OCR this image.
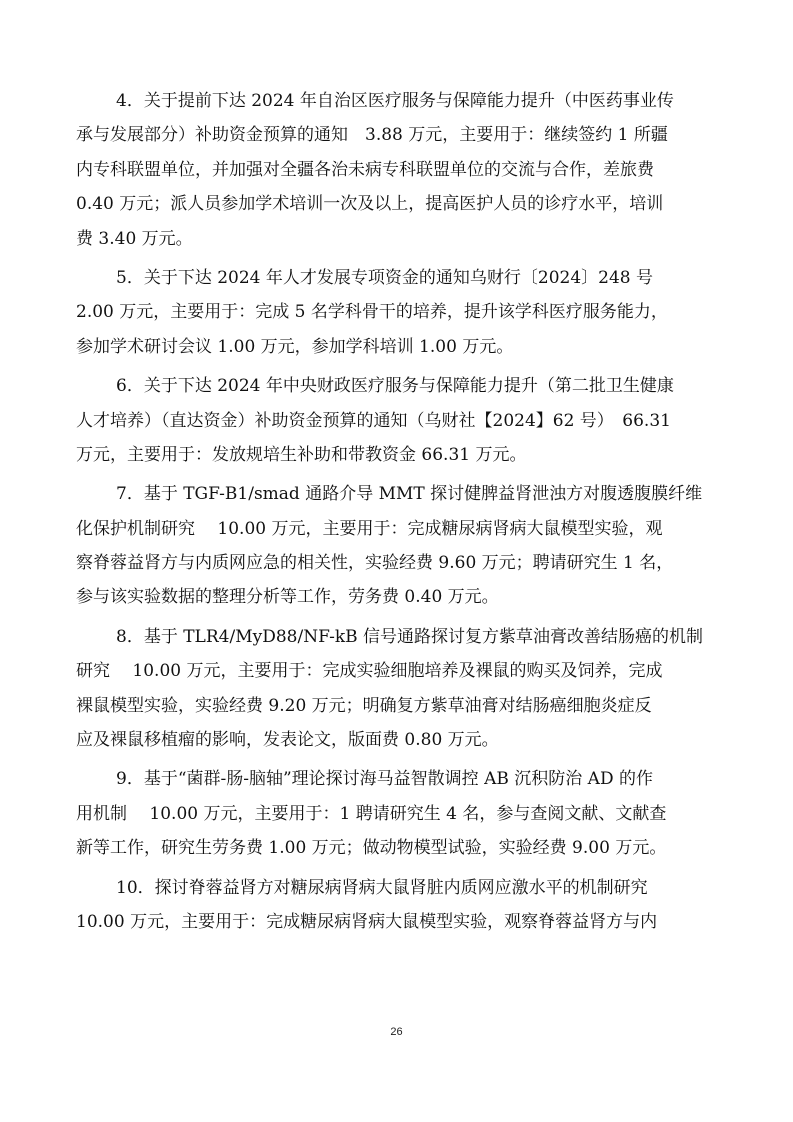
4．关于提前下达 2024 年自治区医疗服务与保障能力提升（中医药事业传
承与发展部分）补助资金预算的通知　3.88 万元，主要用于：继续签约 1 所疆
内专科联盟单位，并加强对全疆各治未病专科联盟单位的交流与合作，差旅费
0.40 万元；派人员参加学术培训一次及以上，提高医护人员的诊疗水平，培训
费 3.40 万元。
5．关于下达 2024 年人才发展专项资金的通知乌财行〔2024〕248 号
2.00 万元，主要用于：完成 5 名学科骨干的培养，提升该学科医疗服务能力，
参加学术研讨会议 1.00 万元，参加学科培训 1.00 万元。
6．关于下达 2024 年中央财政医疗服务与保障能力提升（第二批卫生健康
人才培养）（直达资金）补助资金预算的通知（乌财社【2024】62 号）　66.31
万元，主要用于：发放规培生补助和带教资金 66.31 万元。
7．基于 TGF-B1/smad 通路介导 MMT 探讨健脾益肾泄浊方对腹透腹膜纤维
化保护机制研究　 10.00 万元，主要用于：完成糖尿病肾病大鼠模型实验，观
察脊蓉益肾方与内质网应急的相关性，实验经费 9.60 万元；聘请研究生 1 名，
参与该实验数据的整理分析等工作，劳务费 0.40 万元。
8．基于 TLR4/MyD88/NF-kB 信号通路探讨复方紫草油膏改善结肠癌的机制
研究　 10.00 万元，主要用于：完成实验细胞培养及裸鼠的购买及饲养，完成
裸鼠模型实验，实验经费 9.20 万元；明确复方紫草油膏对结肠癌细胞炎症反
应及裸鼠移植瘤的影响，发表论文，版面费 0.80 万元。
9．基于“菌群-肠-脑轴”理论探讨海马益智散调控 AB 沉积防治 AD 的作
用机制　 10.00 万元，主要用于：1 聘请研究生 4 名，参与查阅文献、文献查
新等工作，研究生劳务费 1.00 万元；做动物模型试验，实验经费 9.00 万元。
10．探讨脊蓉益肾方对糖尿病肾病大鼠肾脏内质网应激水平的机制研究
10.00 万元，主要用于：完成糖尿病肾病大鼠模型实验，观察脊蓉益肾方与内
26
